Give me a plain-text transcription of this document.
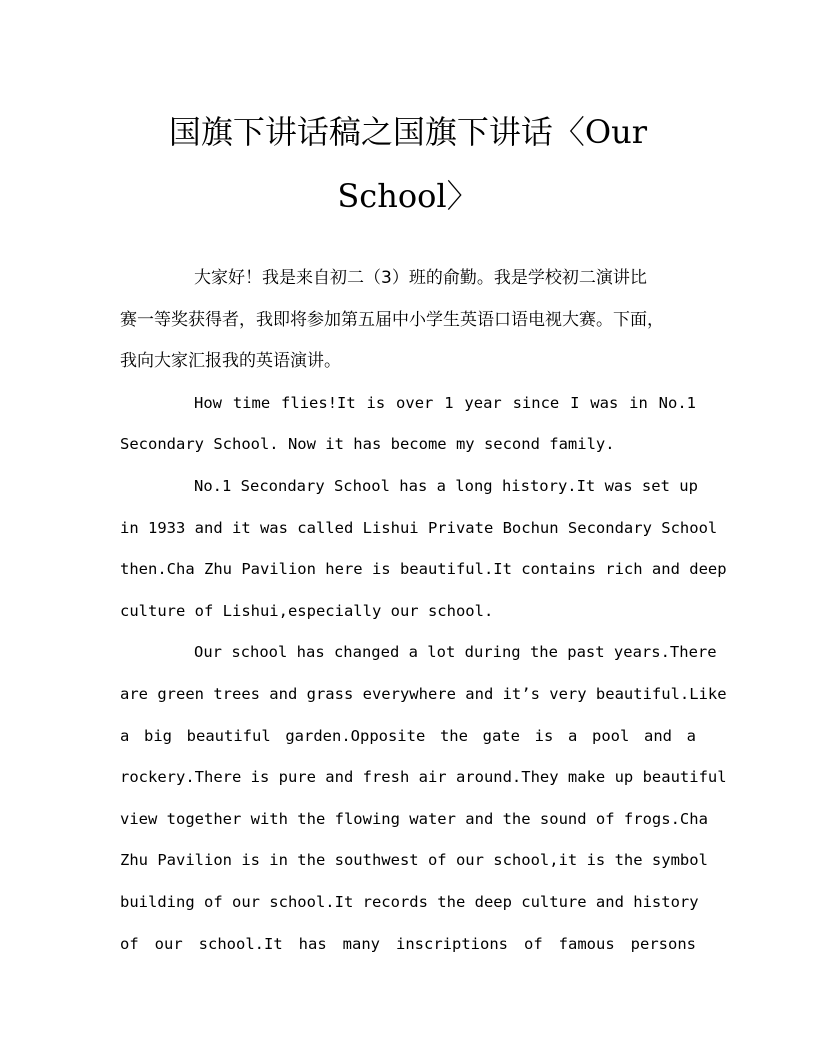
国旗下讲话稿之国旗下讲话〈Our
School〉
大家好！我是来自初二（3）班的俞勤。我是学校初二演讲比
赛一等奖获得者，我即将参加第五届中小学生英语口语电视大赛。下面，
我向大家汇报我的英语演讲。
How time flies!It is over 1 year since I was in No.1
Secondary School. Now it has become my second family.
No.1 Secondary School has a long history.It was set up
in 1933 and it was called Lishui Private Bochun Secondary School
then.Cha Zhu Pavilion here is beautiful.It contains rich and deep
culture of Lishui,especially our school.
Our school has changed a lot during the past years.There
are green trees and grass everywhere and it’s very beautiful.Like
a big beautiful garden.Opposite the gate is a pool and a
rockery.There is pure and fresh air around.They make up beautiful
view together with the flowing water and the sound of frogs.Cha
Zhu Pavilion is in the southwest of our school,it is the symbol
building of our school.It records the deep culture and history
of our school.It has many inscriptions of famous persons
